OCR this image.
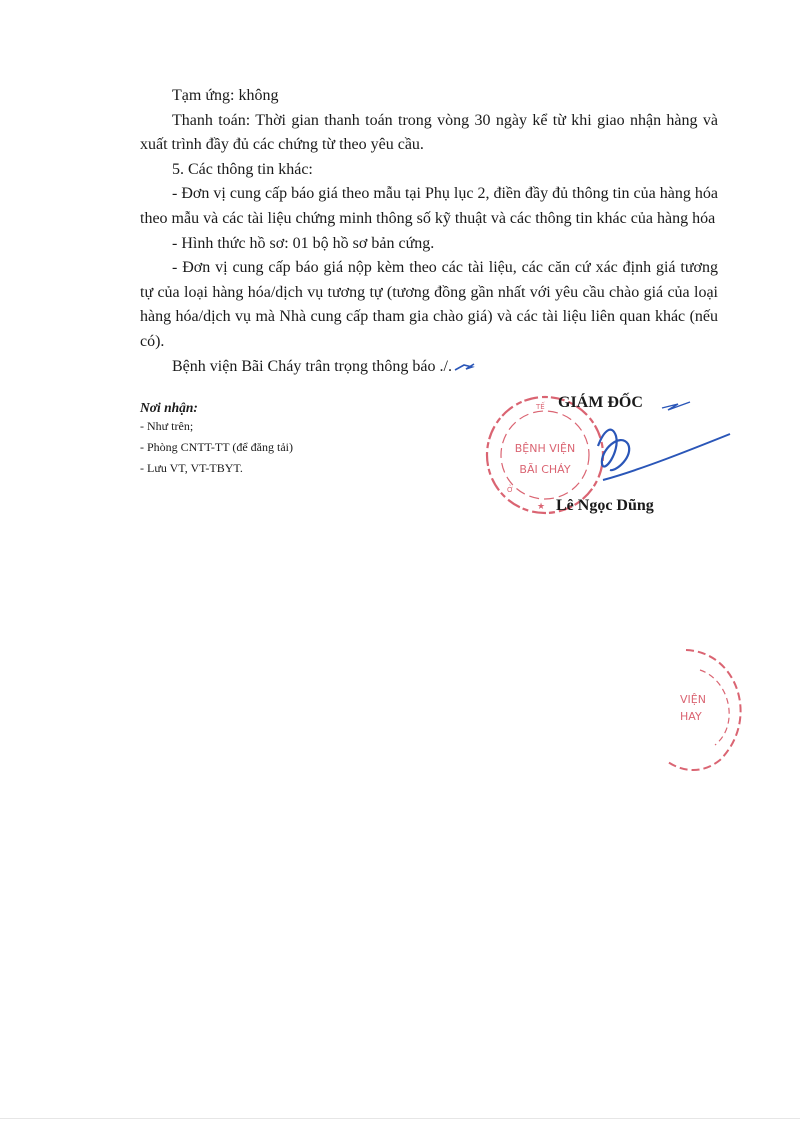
Tạm ứng: không

Thanh toán: Thời gian thanh toán trong vòng 30 ngày kể từ khi giao nhận hàng và xuất trình đầy đủ các chứng từ theo yêu cầu.

5. Các thông tin khác:

- Đơn vị cung cấp báo giá theo mẫu tại Phụ lục 2, điền đầy đủ thông tin của hàng hóa theo mẫu và các tài liệu chứng minh thông số kỹ thuật và các thông tin khác của hàng hóa

- Hình thức hồ sơ: 01 bộ hồ sơ bản cứng.

- Đơn vị cung cấp báo giá nộp kèm theo các tài liệu, các căn cứ xác định giá tương tự của loại hàng hóa/dịch vụ tương tự (tương đồng gần nhất với yêu cầu chào giá của loại hàng hóa/dịch vụ mà Nhà cung cấp tham gia chào giá) và các tài liệu liên quan khác (nếu có).

Bệnh viện Bãi Cháy trân trọng thông báo ./.

Nơi nhận:
- Như trên;
- Phòng CNTT-TT (để đăng tải)
- Lưu VT, VT-TBYT.
BỆNH VIỆN
BÃI CHÁY
TẾ
Ở
★
VIỆN
HAY
GIÁM ĐỐC
Lê Ngọc Dũng
